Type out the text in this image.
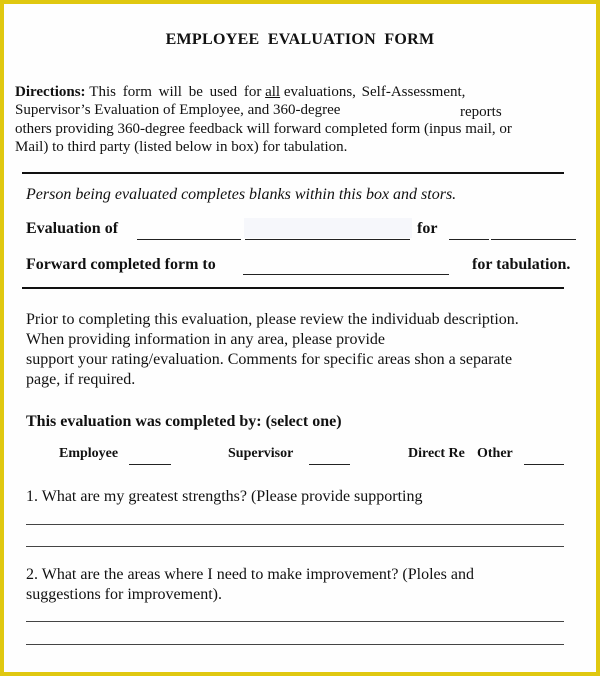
EMPLOYEE EVALUATION FORM
Directions: This form will be used for all evaluations, Self-Assessment,
Supervisor’s Evaluation of Employee, and 360-degree	reports
others providing 360-degree feedback will forward completed form (inpus mail, or
Mail) to third party (listed below in box) for tabulation.
Person being evaluated completes blanks within this box and stors.
Evaluation of	for
Forward completed form to	for tabulation.
Prior to completing this evaluation, please review the individuab description.
When providing information in any area, please provide
support your rating/evaluation. Comments for specific areas shon a separate
page, if required.
This evaluation was completed by: (select one)
Employee	Supervisor	Direct Re Other
1. What are my greatest strengths? (Please provide supporting
2. What are the areas where I need to make improvement? (Ploles and
suggestions for improvement).
